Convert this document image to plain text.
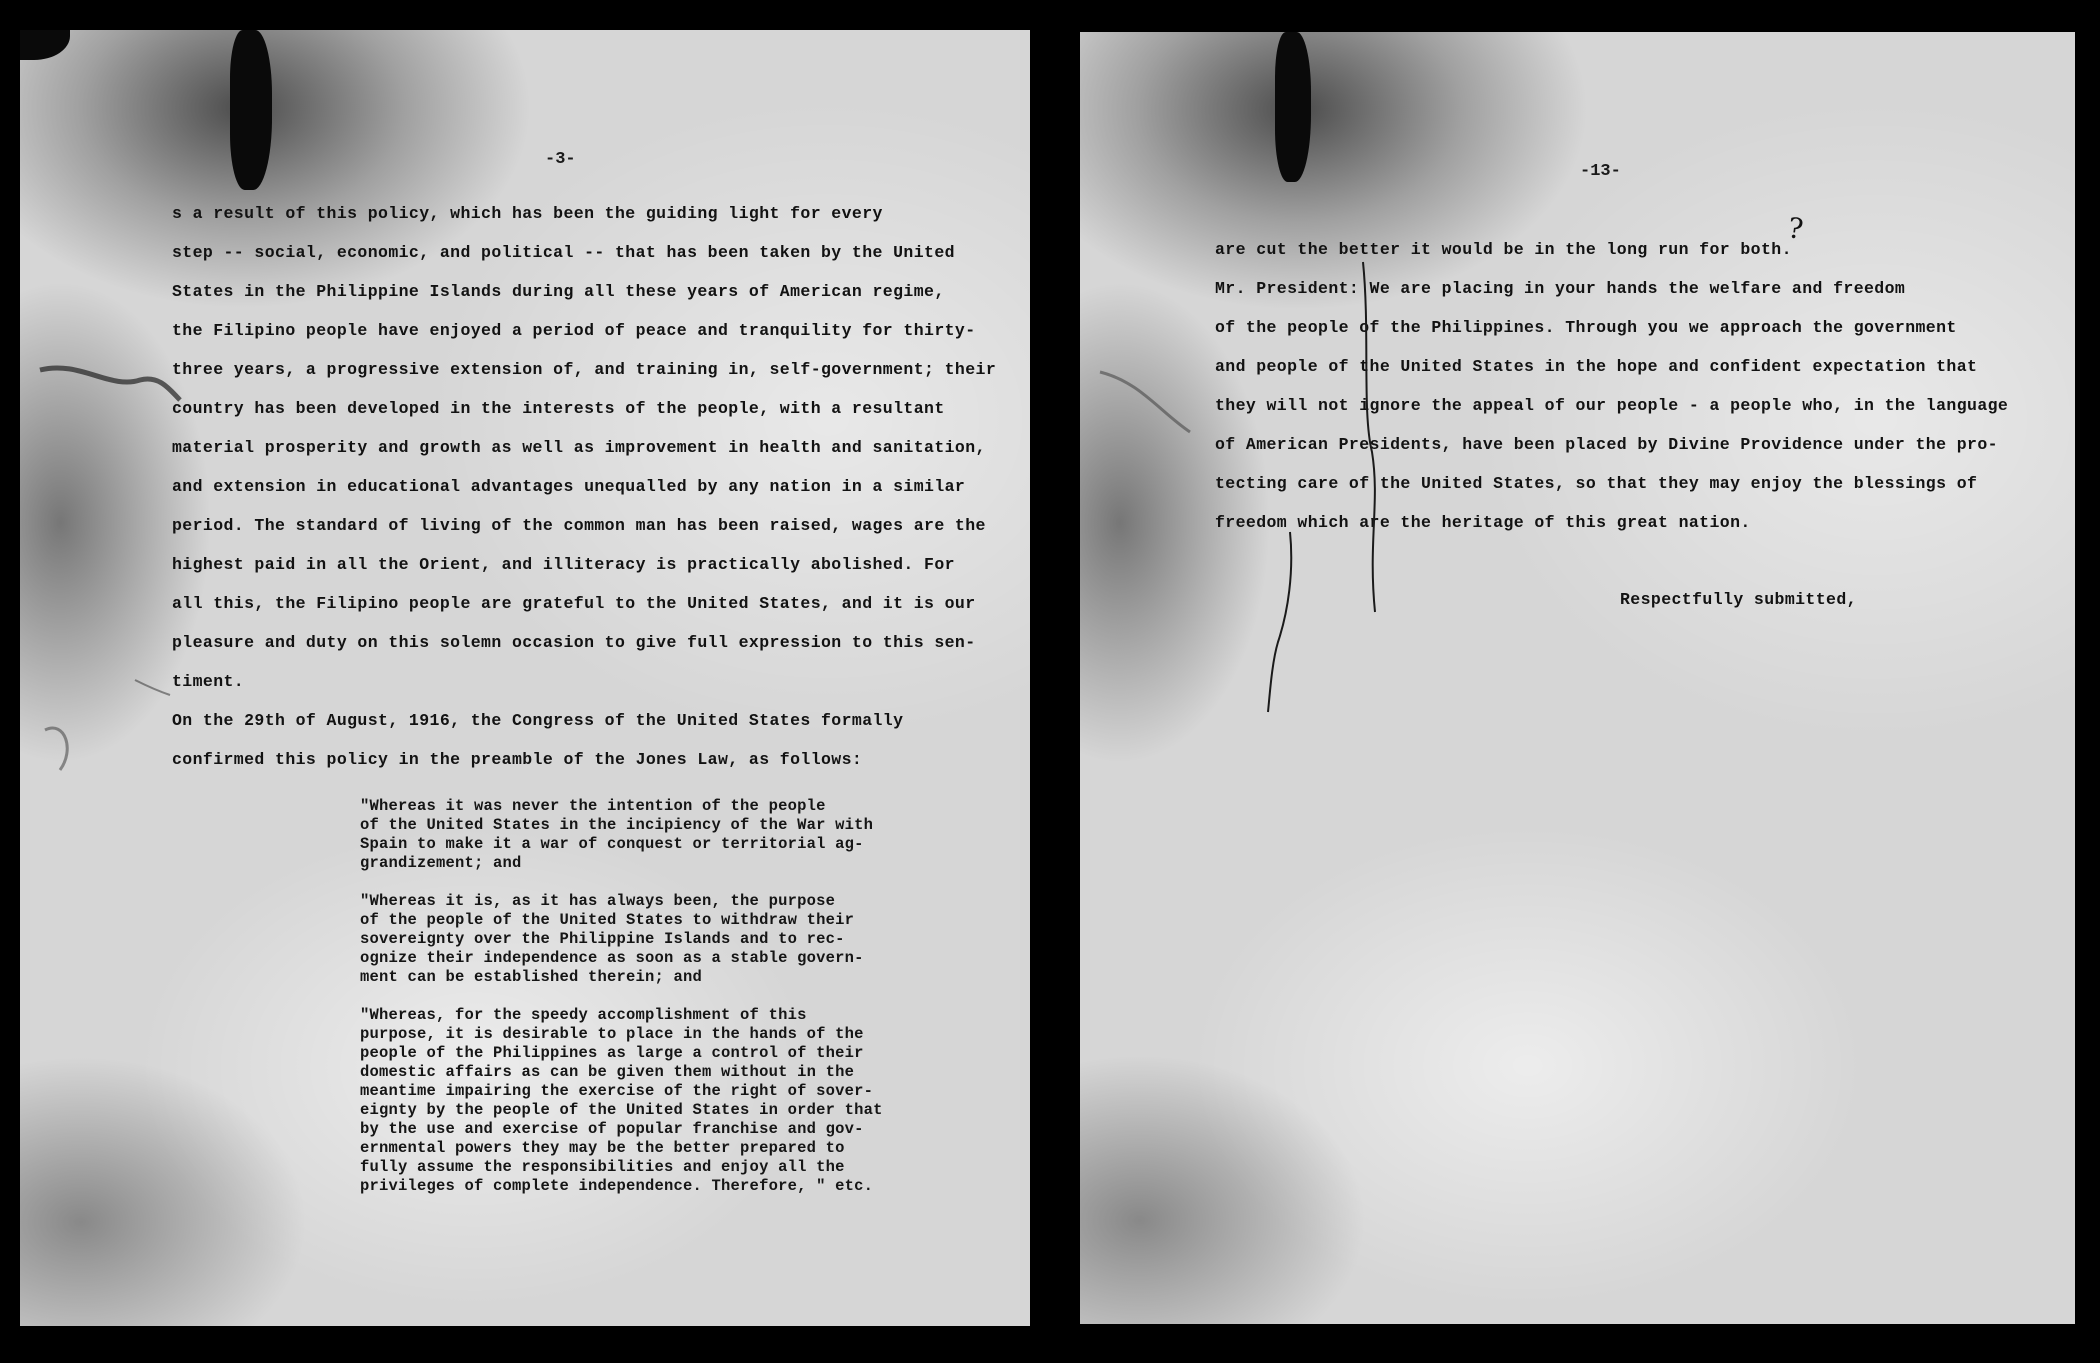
-3-
s a result of this policy, which has been the guiding light for every
step -- social, economic, and political -- that has been taken by the United
States in the Philippine Islands during all these years of American regime,
the Filipino people have enjoyed a period of peace and tranquility for thirty-
three years, a progressive extension of, and training in, self-government; their
country has been developed in the interests of the people, with a resultant
material prosperity and growth as well as improvement in health and sanitation,
and extension in educational advantages unequalled by any nation in a similar
period. The standard of living of the common man has been raised, wages are the
highest paid in all the Orient, and illiteracy is practically abolished. For
all this, the Filipino people are grateful to the United States, and it is our
pleasure and duty on this solemn occasion to give full expression to this sen-
timent.
On the 29th of August, 1916, the Congress of the United States formally
confirmed this policy in the preamble of the Jones Law, as follows:
"Whereas it was never the intention of the people
of the United States in the incipiency of the War with
Spain to make it a war of conquest or territorial ag-
grandizement; and
"Whereas it is, as it has always been, the purpose
of the people of the United States to withdraw their
sovereignty over the Philippine Islands and to rec-
ognize their independence as soon as a stable govern-
ment can be established therein; and
"Whereas, for the speedy accomplishment of this
purpose, it is desirable to place in the hands of the
people of the Philippines as large a control of their
domestic affairs as can be given them without in the
meantime impairing the exercise of the right of sover-
eignty by the people of the United States in order that
by the use and exercise of popular franchise and gov-
ernmental powers they may be the better prepared to
fully assume the responsibilities and enjoy all the
privileges of complete independence. Therefore, " etc.
-13-
are cut the better it would be in the long run for both.
Mr. President: We are placing in your hands the welfare and freedom
of the people of the Philippines. Through you we approach the government
and people of the United States in the hope and confident expectation that
they will not ignore the appeal of our people - a people who, in the language
of American Presidents, have been placed by Divine Providence under the pro-
tecting care of the United States, so that they may enjoy the blessings of
freedom which are the heritage of this great nation.
Respectfully submitted,
?
